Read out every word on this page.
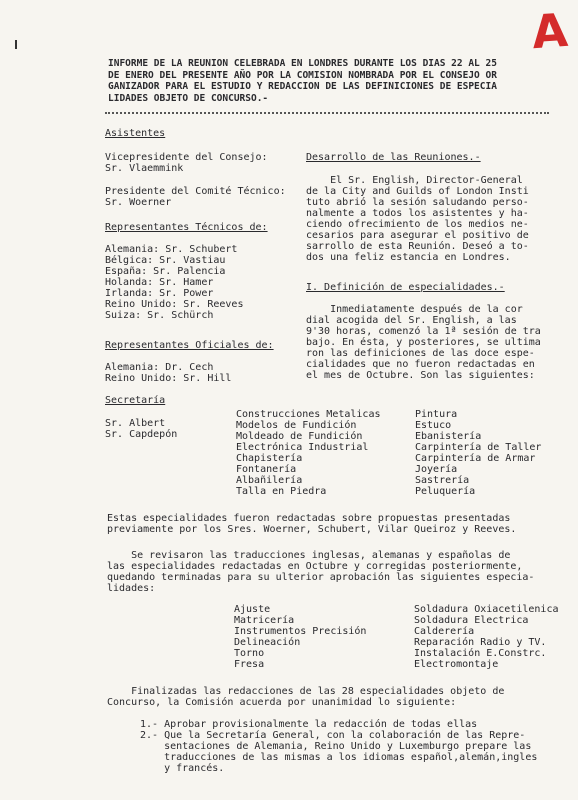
A
INFORME DE LA REUNION CELEBRADA EN LONDRES DURANTE LOS DIAS 22 AL 25
DE ENERO DEL PRESENTE AÑO POR LA COMISION NOMBRADA POR EL CONSEJO OR
GANIZADOR PARA EL ESTUDIO Y REDACCION DE LAS DEFINICIONES DE ESPECIA
LIDADES OBJETO DE CONCURSO.-
Asistentes
Vicepresidente del Consejo:
Sr. Vlaemmink
Presidente del Comité Técnico:
Sr. Woerner
Representantes Técnicos de:
Alemania: Sr. Schubert
Bélgica: Sr. Vastiau
España: Sr. Palencia
Holanda: Sr. Hamer
Irlanda: Sr. Power
Reino Unido: Sr. Reeves
Suiza: Sr. Schürch
Representantes Oficiales de:
Alemania: Dr. Cech
Reino Unido: Sr. Hill
Secretaría
Sr. Albert
Sr. Capdepón
Desarrollo de las Reuniones.-
El Sr. English, Director-General
de la City and Guilds of London Insti
tuto abrió la sesión saludando perso-
nalmente a todos los asistentes y ha-
ciendo ofrecimiento de los medios ne-
cesarios para asegurar el positivo de
sarrollo de esta Reunión. Deseó a to-
dos una feliz estancia en Londres.
I. Definición de especialidades.-
Inmediatamente después de la cor
dial acogida del Sr. English, a las
9'30 horas, comenzó la 1ª sesión de tra
bajo. En ésta, y posteriores, se ultima
ron las definiciones de las doce espe-
cialidades que no fueron redactadas en
el mes de Octubre. Son las siguientes:
Construcciones Metalicas
Modelos de Fundición
Moldeado de Fundición
Electrónica Industrial
Chapistería
Fontanería
Albañilería
Talla en Piedra
Pintura
Estuco
Ebanistería
Carpintería de Taller
Carpintería de Armar
Joyería
Sastrería
Peluquería
Estas especialidades fueron redactadas sobre propuestas presentadas
previamente por los Sres. Woerner, Schubert, Vilar Queiroz y Reeves.
Se revisaron las traducciones inglesas, alemanas y españolas de
las especialidades redactadas en Octubre y corregidas posteriormente,
quedando terminadas para su ulterior aprobación las siguientes especia-
lidades:
Ajuste
Matricería
Instrumentos Precisión
Delineación
Torno
Fresa
Soldadura Oxiacetilenica
Soldadura Electrica
Calderería
Reparación Radio y TV.
Instalación E.Constrc.
Electromontaje
Finalizadas las redacciones de las 28 especialidades objeto de
Concurso, la Comisión acuerda por unanimidad lo siguiente:
1.- Aprobar provisionalmente la redacción de todas ellas
2.- Que la Secretaría General, con la colaboración de las Repre-
sentaciones de Alemania, Reino Unido y Luxemburgo prepare las
traducciones de las mismas a los idiomas español,alemán,ingles
y francés.
